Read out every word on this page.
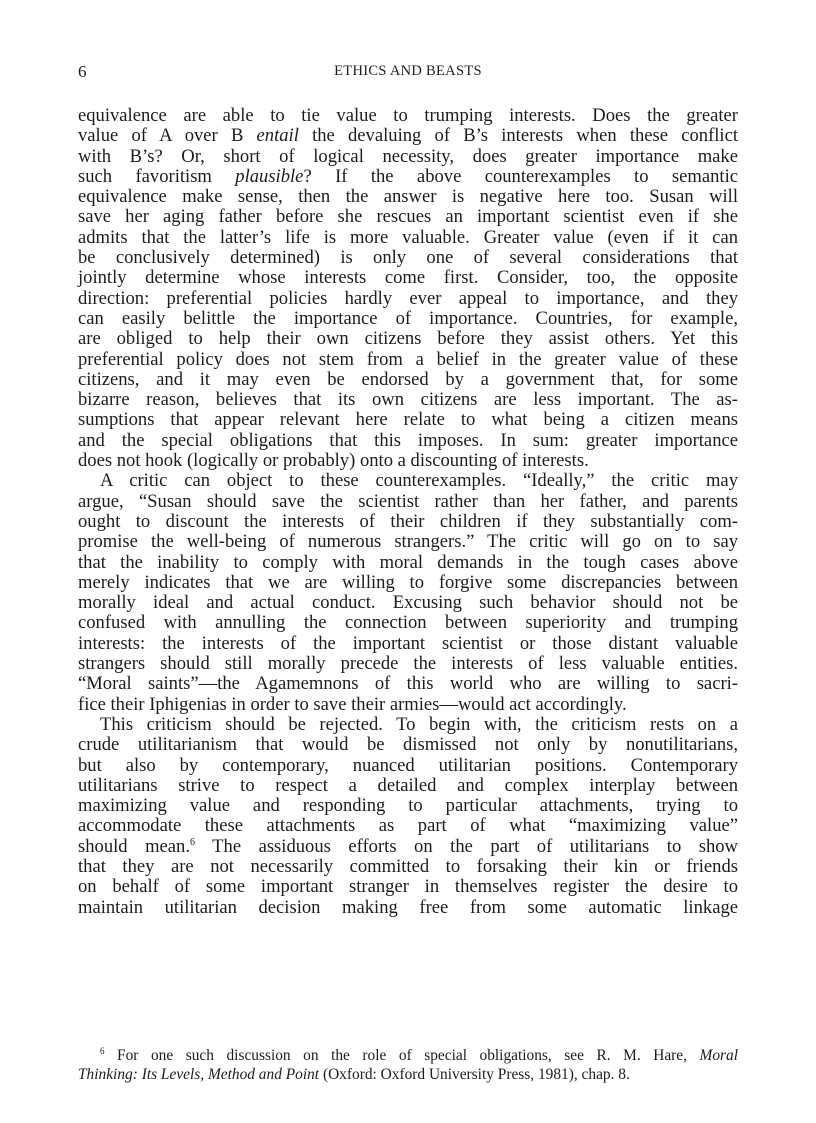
6	ETHICS AND BEASTS
equivalence are able to tie value to trumping interests. Does the greater
value of A over B entail the devaluing of B’s interests when these conflict
with B’s? Or, short of logical necessity, does greater importance make
such favoritism plausible? If the above counterexamples to semantic
equivalence make sense, then the answer is negative here too. Susan will
save her aging father before she rescues an important scientist even if she
admits that the latter’s life is more valuable. Greater value (even if it can
be conclusively determined) is only one of several considerations that
jointly determine whose interests come first. Consider, too, the opposite
direction: preferential policies hardly ever appeal to importance, and they
can easily belittle the importance of importance. Countries, for example,
are obliged to help their own citizens before they assist others. Yet this
preferential policy does not stem from a belief in the greater value of these
citizens, and it may even be endorsed by a government that, for some
bizarre reason, believes that its own citizens are less important. The as-
sumptions that appear relevant here relate to what being a citizen means
and the special obligations that this imposes. In sum: greater importance
does not hook (logically or probably) onto a discounting of interests.
A critic can object to these counterexamples. “Ideally,” the critic may
argue, “Susan should save the scientist rather than her father, and parents
ought to discount the interests of their children if they substantially com-
promise the well-being of numerous strangers.” The critic will go on to say
that the inability to comply with moral demands in the tough cases above
merely indicates that we are willing to forgive some discrepancies between
morally ideal and actual conduct. Excusing such behavior should not be
confused with annulling the connection between superiority and trumping
interests: the interests of the important scientist or those distant valuable
strangers should still morally precede the interests of less valuable entities.
“Moral saints”—the Agamemnons of this world who are willing to sacri-
fice their Iphigenias in order to save their armies—would act accordingly.
This criticism should be rejected. To begin with, the criticism rests on a
crude utilitarianism that would be dismissed not only by nonutilitarians,
but also by contemporary, nuanced utilitarian positions. Contemporary
utilitarians strive to respect a detailed and complex interplay between
maximizing value and responding to particular attachments, trying to
accommodate these attachments as part of what “maximizing value”
should mean.$^6$ The assiduous efforts on the part of utilitarians to show
that they are not necessarily committed to forsaking their kin or friends
on behalf of some important stranger in themselves register the desire to
maintain utilitarian decision making free from some automatic linkage
$^6$ For one such discussion on the role of special obligations, see R. M. Hare, Moral
Thinking: Its Levels, Method and Point (Oxford: Oxford University Press, 1981), chap. 8.
